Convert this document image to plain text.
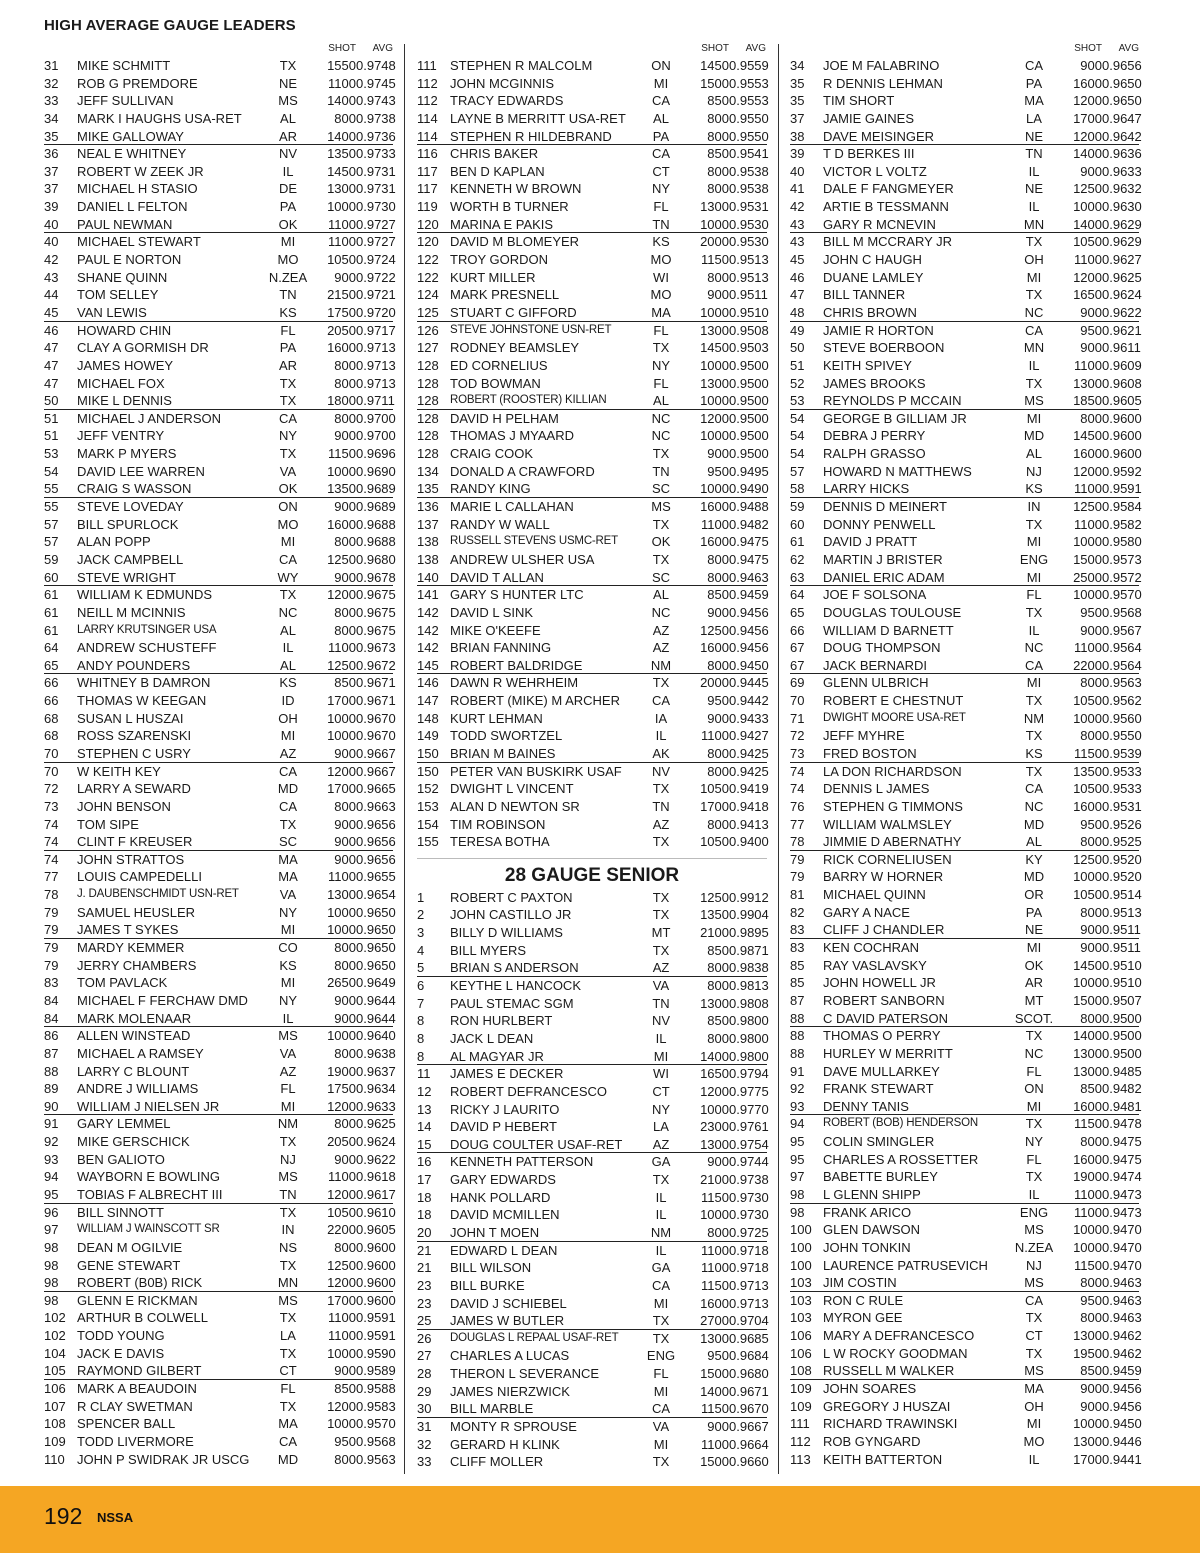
HIGH AVERAGE GAUGE LEADERS
SHOT	AVG
31	MIKE SCHMITT	TX	1550 0.9748
32	ROB G PREMDORE	NE	1100 0.9745
33	JEFF SULLIVAN	MS	1400 0.9743
34	MARK I HAUGHS USA-RET	AL	800 0.9738
35	MIKE GALLOWAY	AR	1400 0.9736
36	NEAL E WHITNEY	NV	1350 0.9733
37	ROBERT W ZEEK JR	IL	1450 0.9731
37	MICHAEL H STASIO	DE	1300 0.9731
39	DANIEL L FELTON	PA	1000 0.9730
40	PAUL NEWMAN	OK	1100 0.9727
40	MICHAEL STEWART	MI	1100 0.9727
42	PAUL E NORTON	MO	1050 0.9724
43	SHANE QUINN	N.ZEA	900 0.9722
44	TOM SELLEY	TN	2150 0.9721
45	VAN LEWIS	KS	1750 0.9720
46	HOWARD CHIN	FL	2050 0.9717
47	CLAY A GORMISH DR	PA	1600 0.9713
47	JAMES HOWEY	AR	800 0.9713
47	MICHAEL FOX	TX	800 0.9713
50	MIKE L DENNIS	TX	1800 0.9711
51	MICHAEL J ANDERSON	CA	800 0.9700
51	JEFF VENTRY	NY	900 0.9700
53	MARK P MYERS	TX	1150 0.9696
54	DAVID LEE WARREN	VA	1000 0.9690
55	CRAIG S WASSON	OK	1350 0.9689
55	STEVE LOVEDAY	ON	900 0.9689
57	BILL SPURLOCK	MO	1600 0.9688
57	ALAN POPP	MI	800 0.9688
59	JACK CAMPBELL	CA	1250 0.9680
60	STEVE WRIGHT	WY	900 0.9678
61	WILLIAM K EDMUNDS	TX	1200 0.9675
61	NEILL M MCINNIS	NC	800 0.9675
61	LARRY KRUTSINGER USA	AL	800 0.9675
64	ANDREW SCHUSTEFF	IL	1100 0.9673
65	ANDY POUNDERS	AL	1250 0.9672
66	WHITNEY B DAMRON	KS	850 0.9671
66	THOMAS W KEEGAN	ID	1700 0.9671
68	SUSAN L HUSZAI	OH	1000 0.9670
68	ROSS SZARENSKI	MI	1000 0.9670
70	STEPHEN C USRY	AZ	900 0.9667
70	W KEITH KEY	CA	1200 0.9667
72	LARRY A SEWARD	MD	1700 0.9665
73	JOHN BENSON	CA	800 0.9663
74	TOM SIPE	TX	900 0.9656
74	CLINT F KREUSER	SC	900 0.9656
74	JOHN STRATTOS	MA	900 0.9656
77	LOUIS CAMPEDELLI	MA	1100 0.9655
78	J. DAUBENSCHMIDT USN-RET	VA	1300 0.9654
79	SAMUEL HEUSLER	NY	1000 0.9650
79	JAMES T SYKES	MI	1000 0.9650
79	MARDY KEMMER	CO	800 0.9650
79	JERRY CHAMBERS	KS	800 0.9650
83	TOM PAVLACK	MI	2650 0.9649
84	MICHAEL F FERCHAW DMD	NY	900 0.9644
84	MARK MOLENAAR	IL	900 0.9644
86	ALLEN WINSTEAD	MS	1000 0.9640
87	MICHAEL A RAMSEY	VA	800 0.9638
88	LARRY C BLOUNT	AZ	1900 0.9637
89	ANDRE J WILLIAMS	FL	1750 0.9634
90	WILLIAM J NIELSEN JR	MI	1200 0.9633
91	GARY LEMMEL	NM	800 0.9625
92	MIKE GERSCHICK	TX	2050 0.9624
93	BEN GALIOTO	NJ	900 0.9622
94	WAYBORN E BOWLING	MS	1100 0.9618
95	TOBIAS F ALBRECHT III	TN	1200 0.9617
96	BILL SINNOTT	TX	1050 0.9610
97	WILLIAM J WAINSCOTT SR	IN	2200 0.9605
98	DEAN M OGILVIE	NS	800 0.9600
98	GENE STEWART	TX	1250 0.9600
98	ROBERT (B0B) RICK	MN	1200 0.9600
98	GLENN E RICKMAN	MS	1700 0.9600
102 ARTHUR B COLWELL	TX	1100 0.9591
102 TODD YOUNG	LA	1100 0.9591
104 JACK E DAVIS	TX	1000 0.9590
105 RAYMOND GILBERT	CT	900 0.9589
106 MARK A BEAUDOIN	FL	850 0.9588
107 R CLAY SWETMAN	TX	1200 0.9583
108 SPENCER BALL	MA	1000 0.9570
109 TODD LIVERMORE	CA	950 0.9568
110 JOHN P SWIDRAK JR USCG	MD	800 0.9563
SHOT	AVG
111	STEPHEN R MALCOLM	ON	1450 0.9559
112 JOHN MCGINNIS	MI	1500 0.9553
112 TRACY EDWARDS	CA	850 0.9553
114 LAYNE B MERRITT USA-RET	AL	800 0.9550
114 STEPHEN R HILDEBRAND	PA	800 0.9550
116 CHRIS BAKER	CA	850 0.9541
117 BEN D KAPLAN	CT	800 0.9538
117 KENNETH W BROWN	NY	800 0.9538
119 WORTH B TURNER	FL	1300 0.9531
120 MARINA E PAKIS	TN	1000 0.9530
120 DAVID M BLOMEYER	KS	2000 0.9530
122 TROY GORDON	MO	1150 0.9513
122 KURT MILLER	WI	800 0.9513
124 MARK PRESNELL	MO	900 0.9511
125 STUART C GIFFORD	MA	1000 0.9510
126 STEVE JOHNSTONE USN-RET	FL	1300 0.9508
127 RODNEY BEAMSLEY	TX	1450 0.9503
128 ED CORNELIUS	NY	1000 0.9500
128 TOD BOWMAN	FL	1300 0.9500
128 ROBERT (ROOSTER) KILLIAN	AL	1000 0.9500
128 DAVID H PELHAM	NC	1200 0.9500
128 THOMAS J MYAARD	NC	1000 0.9500
128 CRAIG COOK	TX	900 0.9500
134 DONALD A CRAWFORD	TN	950 0.9495
135 RANDY KING	SC	1000 0.9490
136 MARIE L CALLAHAN	MS	1600 0.9488
137 RANDY W WALL	TX	1100 0.9482
138 RUSSELL STEVENS USMC-RET	OK	1600 0.9475
138 ANDREW ULSHER USA	TX	800 0.9475
140 DAVID T ALLAN	SC	800 0.9463
141 GARY S HUNTER LTC	AL	850 0.9459
142 DAVID L SINK	NC	900 0.9456
142 MIKE O'KEEFE	AZ	1250 0.9456
142 BRIAN FANNING	AZ	1600 0.9456
145 ROBERT BALDRIDGE	NM	800 0.9450
146 DAWN R WEHRHEIM	TX	2000 0.9445
147 ROBERT (MIKE) M ARCHER	CA	950 0.9442
148 KURT LEHMAN	IA	900 0.9433
149 TODD SWORTZEL	IL	1100 0.9427
150 BRIAN M BAINES	AK	800 0.9425
150 PETER VAN BUSKIRK USAF	NV	800 0.9425
152 DWIGHT L VINCENT	TX	1050 0.9419
153 ALAN D NEWTON SR	TN	1700 0.9418
154 TIM ROBINSON	AZ	800 0.9413
155 TERESA BOTHA	TX	1050 0.9400
28 GAUGE SENIOR
1	ROBERT C PAXTON	TX	1250 0.9912
2	JOHN CASTILLO JR	TX	1350 0.9904
3	BILLY D WILLIAMS	MT	2100 0.9895
4	BILL MYERS	TX	850 0.9871
5	BRIAN S ANDERSON	AZ	800 0.9838
6	KEYTHE L HANCOCK	VA	800 0.9813
7	PAUL STEMAC SGM	TN	1300 0.9808
8	RON HURLBERT	NV	850 0.9800
8	JACK L DEAN	IL	800 0.9800
8	AL MAGYAR JR	MI	1400 0.9800
11	JAMES E DECKER	WI	1650 0.9794
12	ROBERT DEFRANCESCO	CT	1200 0.9775
13	RICKY J LAURITO	NY	1000 0.9770
14	DAVID P HEBERT	LA	2300 0.9761
15	DOUG COULTER USAF-RET	AZ	1300 0.9754
16	KENNETH PATTERSON	GA	900 0.9744
17	GARY EDWARDS	TX	2100 0.9738
18	HANK POLLARD	IL	1150 0.9730
18	DAVID MCMILLEN	IL	1000 0.9730
20	JOHN T MOEN	NM	800 0.9725
21	EDWARD L DEAN	IL	1100 0.9718
21	BILL WILSON	GA	1100 0.9718
23	BILL BURKE	CA	1150 0.9713
23	DAVID J SCHIEBEL	MI	1600 0.9713
25	JAMES W BUTLER	TX	2700 0.9704
26	DOUGLAS L REPAAL USAF-RET	TX	1300 0.9685
27	CHARLES A LUCAS	ENG	950 0.9684
28	THERON L SEVERANCE	FL	1500 0.9680
29	JAMES NIERZWICK	MI	1400 0.9671
30	BILL MARBLE	CA	1150 0.9670
31	MONTY R SPROUSE	VA	900 0.9667
32	GERARD H KLINK	MI	1100 0.9664
33	CLIFF MOLLER	TX	1500 0.9660
SHOT	AVG
34	JOE M FALABRINO	CA	900 0.9656
35	R DENNIS LEHMAN	PA	1600 0.9650
35	TIM SHORT	MA	1200 0.9650
37	JAMIE GAINES	LA	1700 0.9647
38	DAVE MEISINGER	NE	1200 0.9642
39	T D BERKES III	TN	1400 0.9636
40	VICTOR L VOLTZ	IL	900 0.9633
41	DALE F FANGMEYER	NE	1250 0.9632
42	ARTIE B TESSMANN	IL	1000 0.9630
43	GARY R MCNEVIN	MN	1400 0.9629
43	BILL M MCCRARY JR	TX	1050 0.9629
45	JOHN C HAUGH	OH	1100 0.9627
46	DUANE LAMLEY	MI	1200 0.9625
47	BILL TANNER	TX	1650 0.9624
48	CHRIS BROWN	NC	900 0.9622
49	JAMIE R HORTON	CA	950 0.9621
50	STEVE BOERBOON	MN	900 0.9611
51	KEITH SPIVEY	IL	1100 0.9609
52	JAMES BROOKS	TX	1300 0.9608
53	REYNOLDS P MCCAIN	MS	1850 0.9605
54	GEORGE B GILLIAM JR	MI	800 0.9600
54	DEBRA J PERRY	MD	1450 0.9600
54	RALPH GRASSO	AL	1600 0.9600
57	HOWARD N MATTHEWS	NJ	1200 0.9592
58	LARRY HICKS	KS	1100 0.9591
59	DENNIS D MEINERT	IN	1250 0.9584
60	DONNY PENWELL	TX	1100 0.9582
61	DAVID J PRATT	MI	1000 0.9580
62	MARTIN J BRISTER	ENG	1500 0.9573
63	DANIEL ERIC ADAM	MI	2500 0.9572
64	JOE F SOLSONA	FL	1000 0.9570
65	DOUGLAS TOULOUSE	TX	950 0.9568
66	WILLIAM D BARNETT	IL	900 0.9567
67	DOUG THOMPSON	NC	1100 0.9564
67	JACK BERNARDI	CA	2200 0.9564
69	GLENN ULBRICH	MI	800 0.9563
70	ROBERT E CHESTNUT	TX	1050 0.9562
71	DWIGHT MOORE USA-RET	NM	1000 0.9560
72	JEFF MYHRE	TX	800 0.9550
73	FRED BOSTON	KS	1150 0.9539
74	LA DON RICHARDSON	TX	1350 0.9533
74	DENNIS L JAMES	CA	1050 0.9533
76	STEPHEN G TIMMONS	NC	1600 0.9531
77	WILLIAM WALMSLEY	MD	950 0.9526
78	JIMMIE D ABERNATHY	AL	800 0.9525
79	RICK CORNELIUSEN	KY	1250 0.9520
79	BARRY W HORNER	MD	1000 0.9520
81	MICHAEL QUINN	OR	1050 0.9514
82	GARY A NACE	PA	800 0.9513
83	CLIFF J CHANDLER	NE	900 0.9511
83	KEN COCHRAN	MI	900 0.9511
85	RAY VASLAVSKY	OK	1450 0.9510
85	JOHN HOWELL JR	AR	1000 0.9510
87	ROBERT SANBORN	MT	1500 0.9507
88	C DAVID PATERSON	SCOT.	800 0.9500
88	THOMAS O PERRY	TX	1400 0.9500
88	HURLEY W MERRITT	NC	1300 0.9500
91	DAVE MULLARKEY	FL	1300 0.9485
92	FRANK STEWART	ON	850 0.9482
93	DENNY TANIS	MI	1600 0.9481
94	ROBERT (BOB) HENDERSON	TX	1150 0.9478
95	COLIN SMINGLER	NY	800 0.9475
95	CHARLES A ROSSETTER	FL	1600 0.9475
97	BABETTE BURLEY	TX	1900 0.9474
98	L GLENN SHIPP	IL	1100 0.9473
98	FRANK ARICO	ENG	1100 0.9473
100 GLEN DAWSON	MS	1000 0.9470
100 JOHN TONKIN	N.ZEA	1000 0.9470
100 LAURENCE PATRUSEVICH	NJ	1150 0.9470
103 JIM COSTIN	MS	800 0.9463
103 RON C RULE	CA	950 0.9463
103 MYRON GEE	TX	800 0.9463
106 MARY A DEFRANCESCO	CT	1300 0.9462
106 L W ROCKY GOODMAN	TX	1950 0.9462
108 RUSSELL M WALKER	MS	850 0.9459
109 JOHN SOARES	MA	900 0.9456
109 GREGORY J HUSZAI	OH	900 0.9456
111	RICHARD TRAWINSKI	MI	1000 0.9450
112 ROB GYNGARD	MO	1300 0.9446
113 KEITH BATTERTON	IL	1700 0.9441
192 NSSA
